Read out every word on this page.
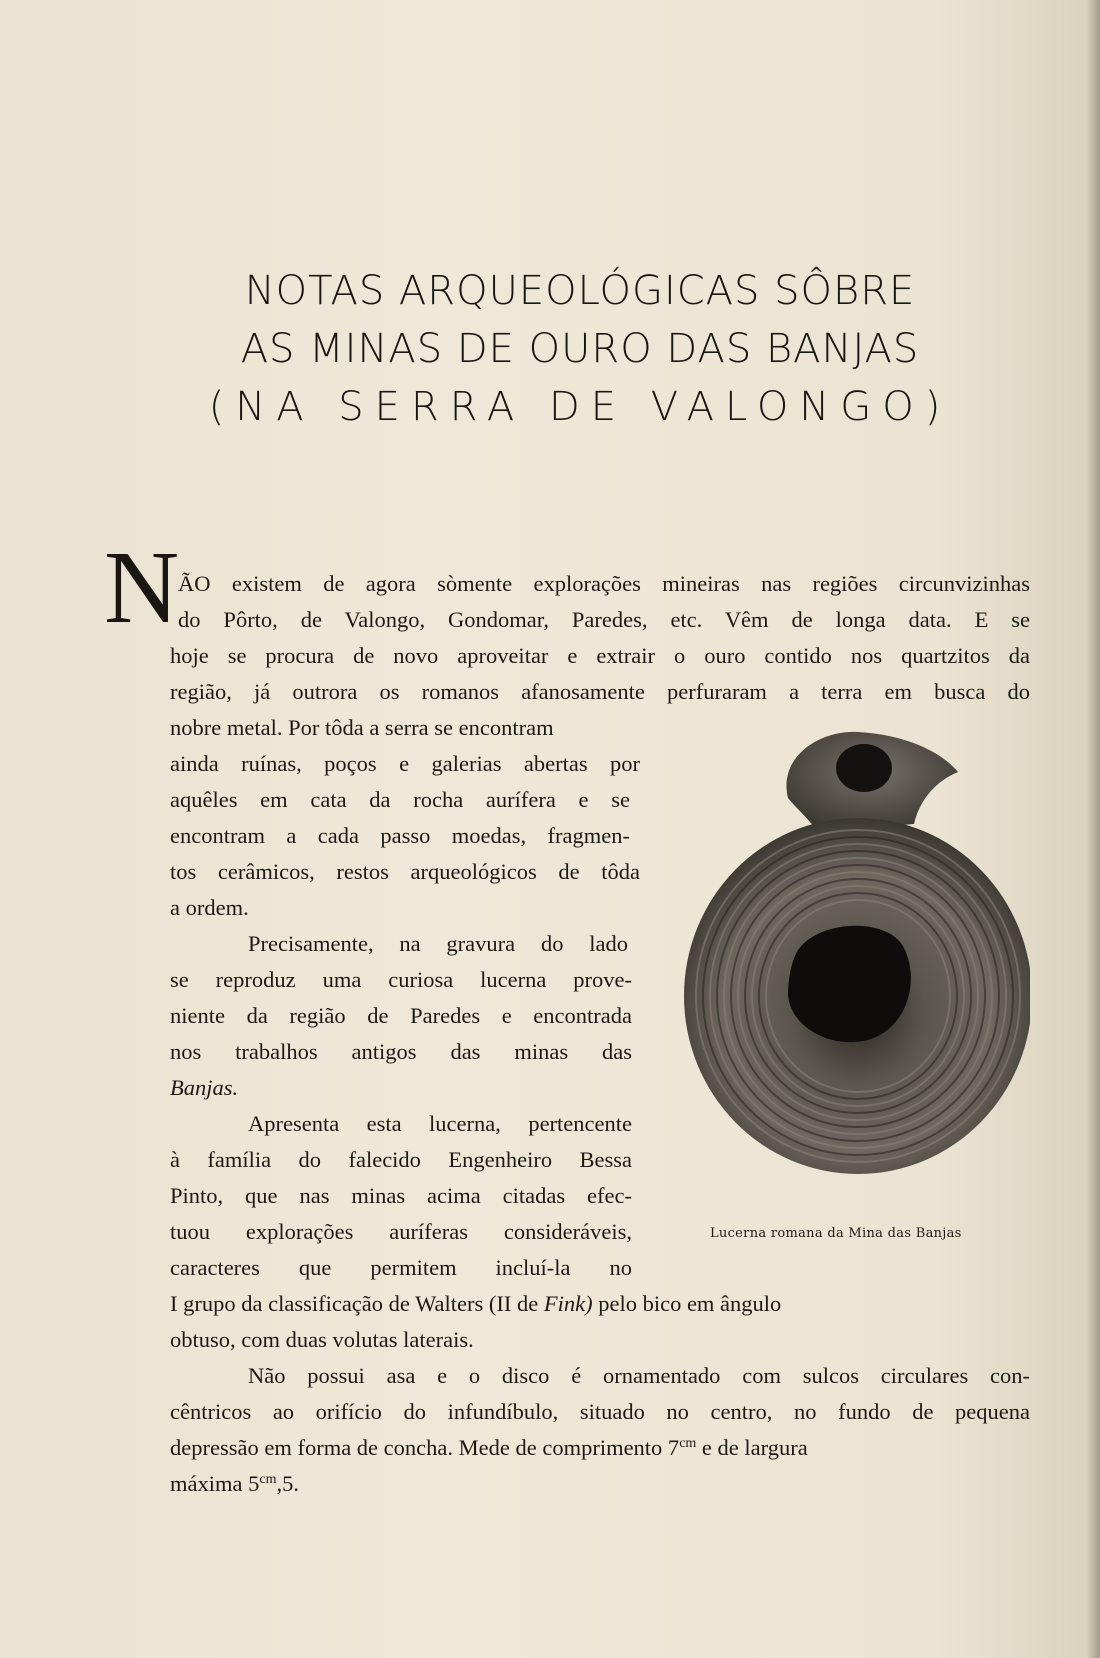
NOTAS ARQUEOLÓGICAS SÔBRE
AS MINAS DE OURO DAS BANJAS
(NA SERRA DE VALONGO)
N
ÃO existem de agora sòmente explorações mineiras nas regiões circunvizinhas
do Pôrto, de Valongo, Gondomar, Paredes, etc. Vêm de longa data. E se
hoje se procura de novo aproveitar e extrair o ouro contido nos quartzitos da
região, já outrora os romanos afanosamente perfuraram a terra em busca do
nobre metal. Por tôda a serra se encontram
ainda ruínas, poços e galerias abertas por
aquêles em cata da rocha aurífera e se
encontram a cada passo moedas, fragmen-
tos cerâmicos, restos arqueológicos de tôda
a ordem.
Precisamente, na gravura do lado
se reproduz uma curiosa lucerna prove-
niente da região de Paredes e encontrada
nos trabalhos antigos das minas das
Banjas.
Apresenta esta lucerna, pertencente
à família do falecido Engenheiro Bessa
Pinto, que nas minas acima citadas efec-
tuou explorações auríferas consideráveis,
caracteres que permitem incluí-la no
I grupo da classificação de Walters (II de Fink) pelo bico em ângulo
obtuso, com duas volutas laterais.
Não possui asa e o disco é ornamentado com sulcos circulares con-
cêntricos ao orifício do infundíbulo, situado no centro, no fundo de pequena
depressão em forma de concha. Mede de comprimento $7^{cm}$ e de largura
máxima $5^{cm},5$.
Lucerna romana da Mina das Banjas
